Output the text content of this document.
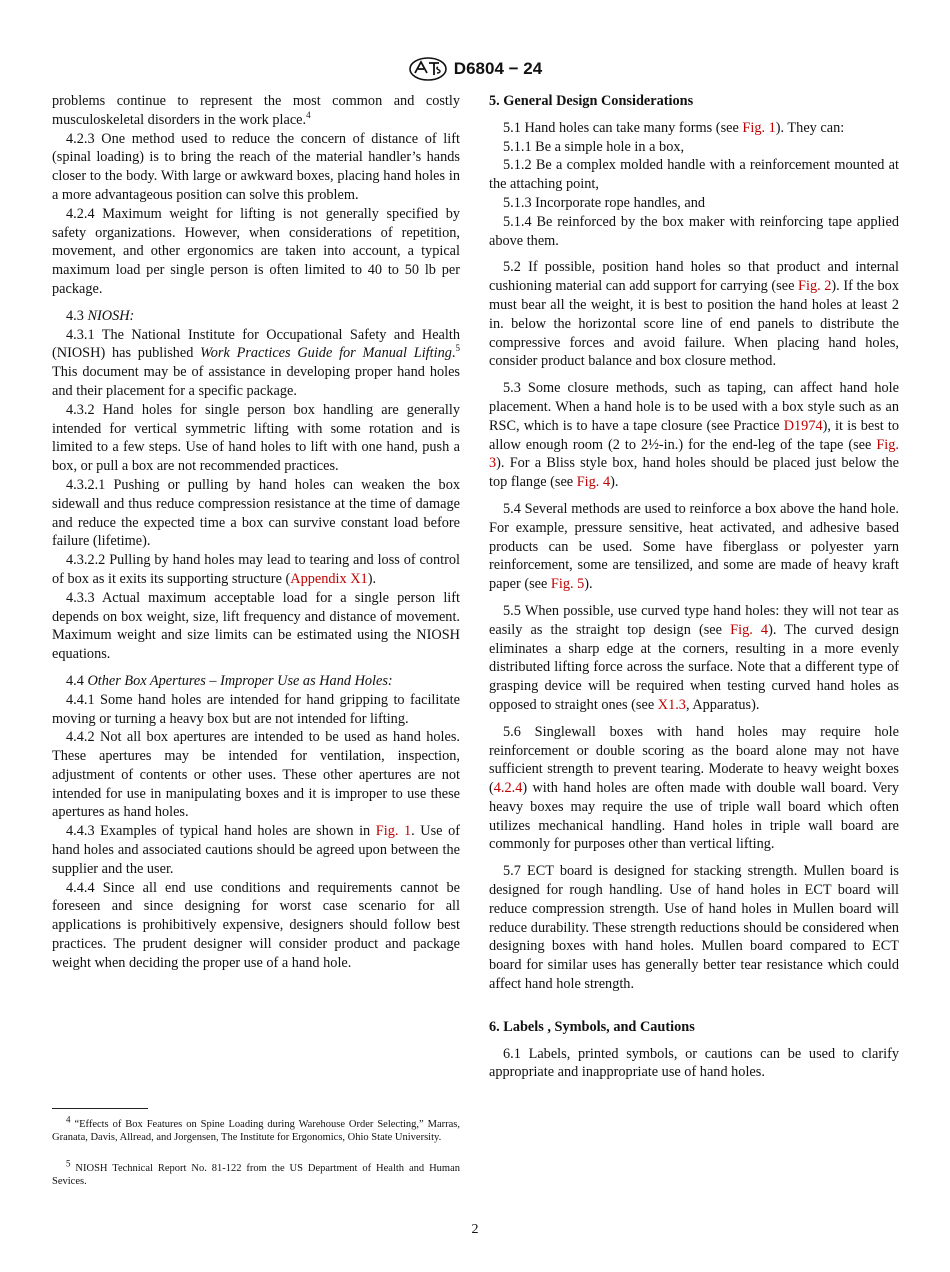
D6804 − 24

problems continue to represent the most common and costly musculoskeletal disorders in the work place.$^4$

4.2.3 One method used to reduce the concern of distance of lift (spinal loading) is to bring the reach of the material handler’s hands closer to the body. With large or awkward boxes, placing hand holes in a more advantageous position can solve this problem.

4.2.4 Maximum weight for lifting is not generally specified by safety organizations. However, when considerations of repetition, movement, and other ergonomics are taken into account, a typical maximum load per single person is often limited to 40 to 50 lb per package.

4.3 NIOSH:

4.3.1 The National Institute for Occupational Safety and Health (NIOSH) has published Work Practices Guide for Manual Lifting.$^5$ This document may be of assistance in developing proper hand holes and their placement for a specific package.

4.3.2 Hand holes for single person box handling are generally intended for vertical symmetric lifting with some rotation and is limited to a few steps. Use of hand holes to lift with one hand, push a box, or pull a box are not recommended practices.

4.3.2.1 Pushing or pulling by hand holes can weaken the box sidewall and thus reduce compression resistance at the time of damage and reduce the expected time a box can survive constant load before failure (lifetime).

4.3.2.2 Pulling by hand holes may lead to tearing and loss of control of box as it exits its supporting structure (Appendix X1).

4.3.3 Actual maximum acceptable load for a single person lift depends on box weight, size, lift frequency and distance of movement. Maximum weight and size limits can be estimated using the NIOSH equations.

4.4 Other Box Apertures – Improper Use as Hand Holes:

4.4.1 Some hand holes are intended for hand gripping to facilitate moving or turning a heavy box but are not intended for lifting.

4.4.2 Not all box apertures are intended to be used as hand holes. These apertures may be intended for ventilation, inspection, adjustment of contents or other uses. These other apertures are not intended for use in manipulating boxes and it is improper to use these apertures as hand holes.

4.4.3 Examples of typical hand holes are shown in Fig. 1. Use of hand holes and associated cautions should be agreed upon between the supplier and the user.

4.4.4 Since all end use conditions and requirements cannot be foreseen and since designing for worst case scenario for all applications is prohibitively expensive, designers should follow best practices. The prudent designer will consider product and package weight when deciding the proper use of a hand hole.

$^4$ “Effects of Box Features on Spine Loading during Warehouse Order Selecting,” Marras, Granata, Davis, Allread, and Jorgensen, The Institute for Ergonomics, Ohio State University.

$^5$ NIOSH Technical Report No. 81-122 from the US Department of Health and Human Sevices.

5. General Design Considerations

5.1 Hand holes can take many forms (see Fig. 1). They can:

5.1.1 Be a simple hole in a box,

5.1.2 Be a complex molded handle with a reinforcement mounted at the attaching point,

5.1.3 Incorporate rope handles, and

5.1.4 Be reinforced by the box maker with reinforcing tape applied above them.

5.2 If possible, position hand holes so that product and internal cushioning material can add support for carrying (see Fig. 2). If the box must bear all the weight, it is best to position the hand holes at least 2 in. below the horizontal score line of end panels to distribute the compressive forces and avoid failure. When placing hand holes, consider product balance and box closure method.

5.3 Some closure methods, such as taping, can affect hand hole placement. When a hand hole is to be used with a box style such as an RSC, which is to have a tape closure (see Practice D1974), it is best to allow enough room (2 to 2½-in.) for the end-leg of the tape (see Fig. 3). For a Bliss style box, hand holes should be placed just below the top flange (see Fig. 4).

5.4 Several methods are used to reinforce a box above the hand hole. For example, pressure sensitive, heat activated, and adhesive based products can be used. Some have fiberglass or polyester yarn reinforcement, some are tensilized, and some are made of heavy kraft paper (see Fig. 5).

5.5 When possible, use curved type hand holes: they will not tear as easily as the straight top design (see Fig. 4). The curved design eliminates a sharp edge at the corners, resulting in a more evenly distributed lifting force across the surface. Note that a different type of grasping device will be required when testing curved hand holes as opposed to straight ones (see X1.3, Apparatus).

5.6 Singlewall boxes with hand holes may require hole reinforcement or double scoring as the board alone may not have sufficient strength to prevent tearing. Moderate to heavy weight boxes (4.2.4) with hand holes are often made with double wall board. Very heavy boxes may require the use of triple wall board which often utilizes mechanical handling. Hand holes in triple wall board are commonly for purposes other than vertical lifting.

5.7 ECT board is designed for stacking strength. Mullen board is designed for rough handling. Use of hand holes in ECT board will reduce compression strength. Use of hand holes in Mullen board will reduce durability. These strength reductions should be considered when designing boxes with hand holes. Mullen board compared to ECT board for similar uses has generally better tear resistance which could affect hand hole strength.

6. Labels , Symbols, and Cautions

6.1 Labels, printed symbols, or cautions can be used to clarify appropriate and inappropriate use of hand holes.

2
